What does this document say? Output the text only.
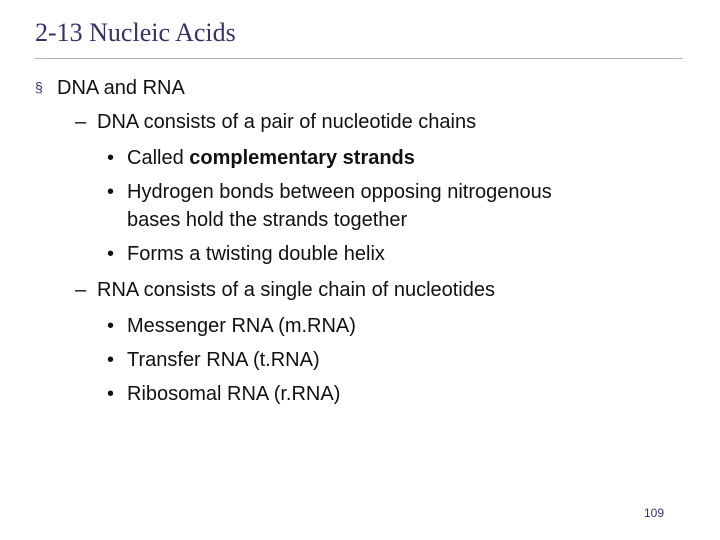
2-13 Nucleic Acids
§ DNA and RNA
– DNA consists of a pair of nucleotide chains
• Called complementary strands
• Hydrogen bonds between opposing nitrogenous
bases hold the strands together
• Forms a twisting double helix
– RNA consists of a single chain of nucleotides
• Messenger RNA (m.RNA)
• Transfer RNA (t.RNA)
• Ribosomal RNA (r.RNA)
109
